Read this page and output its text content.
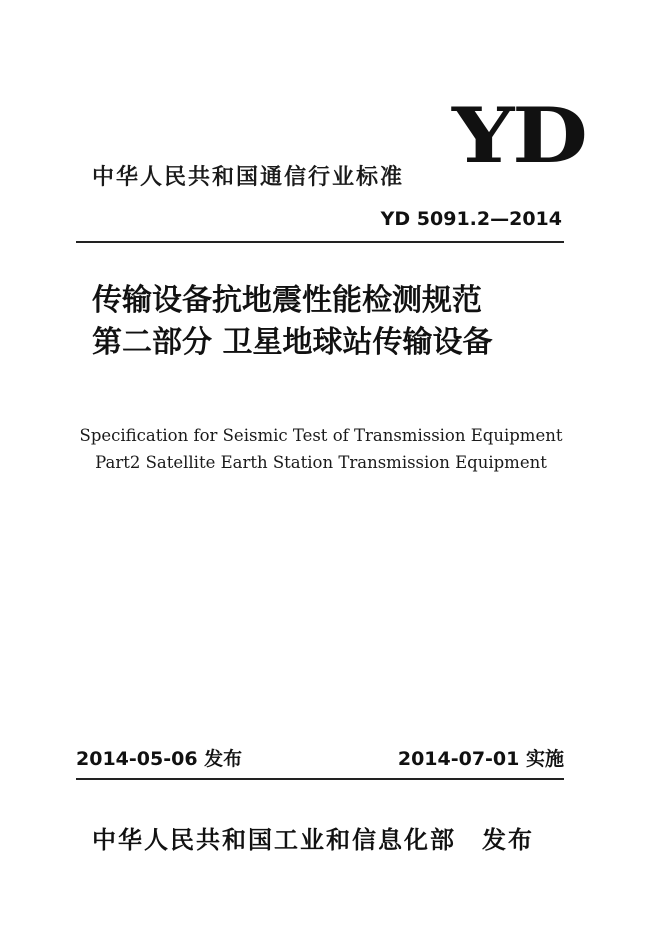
中华人民共和国通信行业标准 YD
YD 5091.2—2014
传输设备抗地震性能检测规范
第二部分 卫星地球站传输设备
Specification for Seismic Test of Transmission Equipment
Part2 Satellite Earth Station Transmission Equipment
2014-05-06 发布	2014-07-01 实施
中华人民共和国工业和信息化部 发布
